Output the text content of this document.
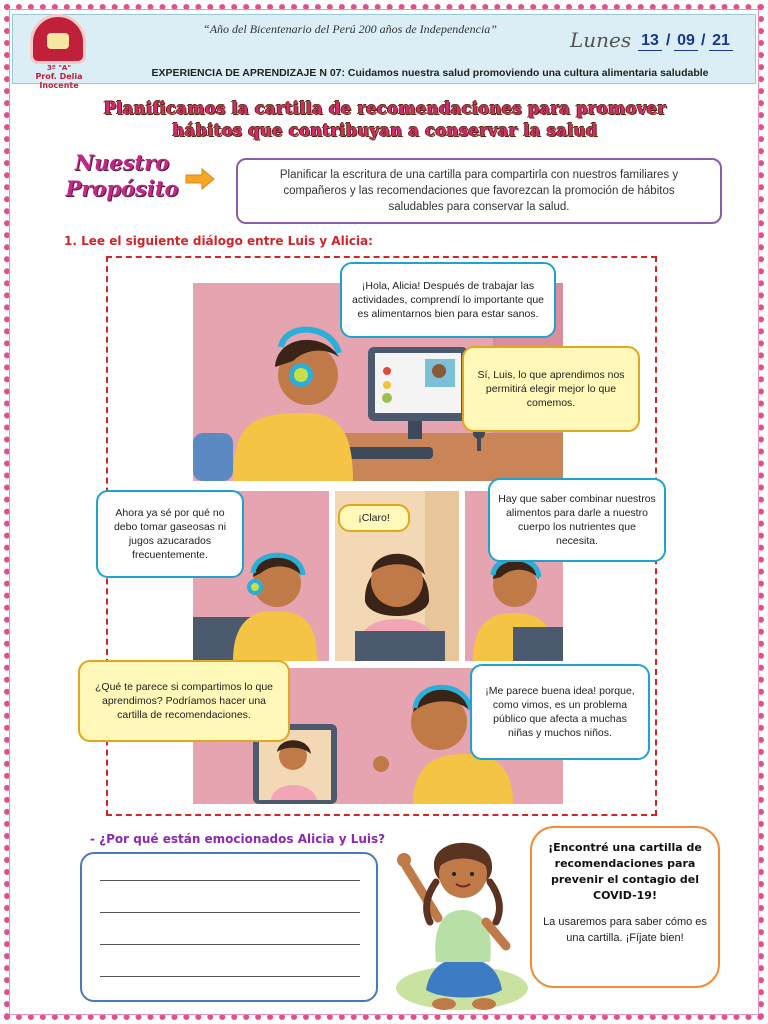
3º "A"
Prof. Delia Inocente
“Año del Bicentenario del Perú 200 años de Independencia”	Lunes 13 / 09 / 21
EXPERIENCIA DE APRENDIZAJE N 07: Cuidamos nuestra salud promoviendo una cultura alimentaria saludable
Planificamos la cartilla de recomendaciones para promover
hábitos que contribuyan a conservar la salud
Nuestro
Propósito
Planificar la escritura de una cartilla para compartirla con nuestros familiares y compañeros y las recomendaciones que favorezcan la promoción de hábitos saludables para conservar la salud.
1. Lee el siguiente diálogo entre Luis y Alicia:
¡Hola, Alicia! Después de trabajar las actividades, comprendí lo importante que es alimentarnos bien para estar sanos.
Sí, Luis, lo que aprendimos nos permitirá elegir mejor lo que comemos.
Ahora ya sé por qué no debo tomar gaseosas ni jugos azucarados frecuentemente.
¡Claro!
Hay que saber combinar nuestros alimentos para darle a nuestro cuerpo los nutrientes que necesita.
¿Qué te parece si compartimos lo que aprendimos? Podríamos hacer una cartilla de recomendaciones.
¡Me parece buena idea! porque, como vimos, es un problema público que afecta a muchas niñas y muchos niños.
- ¿Por qué están emocionados Alicia y Luis?
¡Encontré una cartilla de recomendaciones para prevenir el contagio del COVID-19!
La usaremos para saber cómo es una cartilla. ¡Fíjate bien!
